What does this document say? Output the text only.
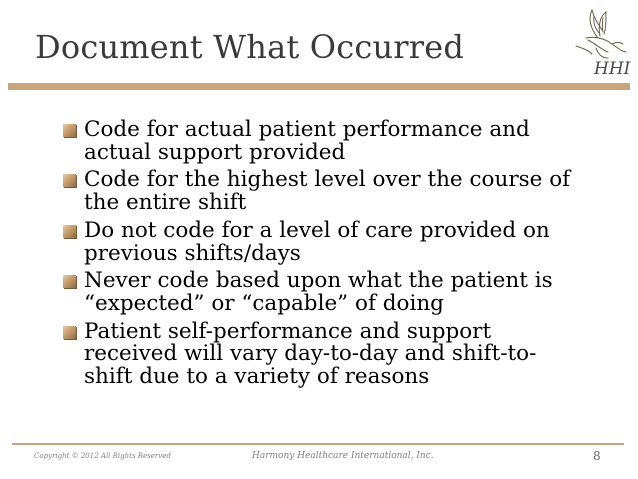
Document What Occurred
HHI
Code for actual patient performance and actual support provided
Code for the highest level over the course of the entire shift
Do not code for a level of care provided on previous shifts/days
Never code based upon what the patient is “expected” or “capable” of doing
Patient self-performance and support received will vary day-to-day and shift-to-shift due to a variety of reasons
Copyright © 2012 All Rights Reserved	Harmony Healthcare International, Inc.	8
